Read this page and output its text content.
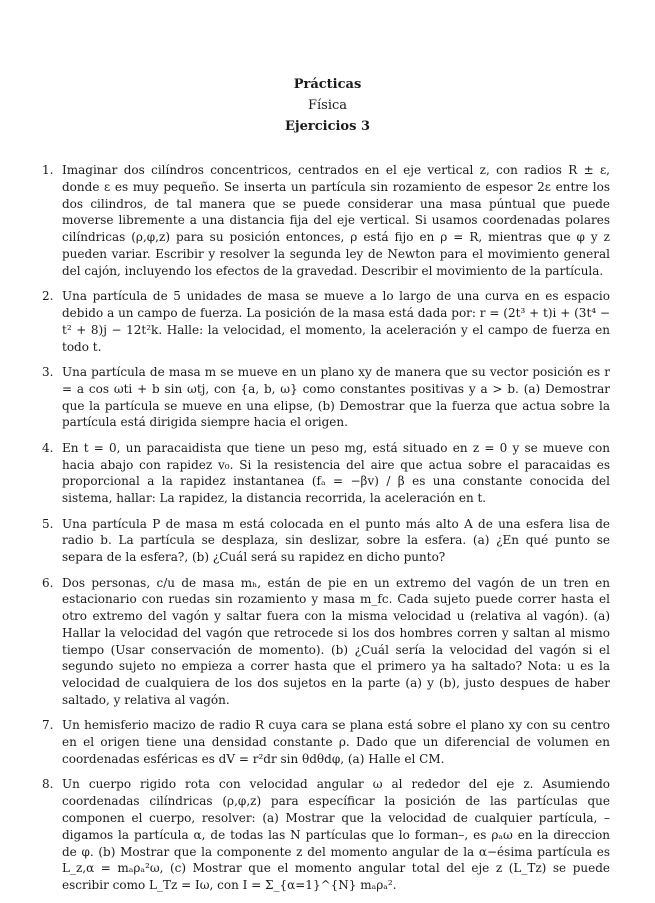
Prácticas
Física
Ejercicios 3
1. Imaginar dos cilíndros concentricos, centrados en el eje vertical z, con radios R ± ε, donde ε es muy pequeño. Se inserta un partícula sin rozamiento de espesor 2ε entre los dos cilindros, de tal manera que se puede considerar una masa púntual que puede moverse libremente a una distancia fija del eje vertical. Si usamos coordenadas polares cilíndricas (ρ,φ,z) para su posición entonces, ρ está fijo en ρ = R, mientras que φ y z pueden variar. Escribir y resolver la segunda ley de Newton para el movimiento general del cajón, incluyendo los efectos de la gravedad. Describir el movimiento de la partícula.
2. Una partícula de 5 unidades de masa se mueve a lo largo de una curva en es espacio debido a un campo de fuerza. La posición de la masa está dada por: r = (2t³ + t)i + (3t⁴ − t² + 8)j − 12t²k. Halle: la velocidad, el momento, la aceleración y el campo de fuerza en todo t.
3. Una partícula de masa m se mueve en un plano xy de manera que su vector posición es r = a cos ωti + b sin ωtj, con {a, b, ω} como constantes positivas y a > b. (a) Demostrar que la partícula se mueve en una elipse, (b) Demostrar que la fuerza que actua sobre la partícula está dirigida siempre hacia el origen.
4. En t = 0, un paracaidista que tiene un peso mg, está situado en z = 0 y se mueve con hacia abajo con rapidez v₀. Si la resistencia del aire que actua sobre el paracaidas es proporcional a la rapidez instantanea (fₐ = −βv) / β es una constante conocida del sistema, hallar: La rapidez, la distancia recorrida, la aceleración en t.
5. Una partícula P de masa m está colocada en el punto más alto A de una esfera lisa de radio b. La partícula se desplaza, sin deslizar, sobre la esfera. (a) ¿En qué punto se separa de la esfera?, (b) ¿Cuál será su rapidez en dicho punto?
6. Dos personas, c/u de masa mₕ, están de pie en un extremo del vagón de un tren en estacionario con ruedas sin rozamiento y masa m_fc. Cada sujeto puede correr hasta el otro extremo del vagón y saltar fuera con la misma velocidad u (relativa al vagón). (a) Hallar la velocidad del vagón que retrocede si los dos hombres corren y saltan al mismo tiempo (Usar conservación de momento). (b) ¿Cuál sería la velocidad del vagón si el segundo sujeto no empieza a correr hasta que el primero ya ha saltado? Nota: u es la velocidad de cualquiera de los dos sujetos en la parte (a) y (b), justo despues de haber saltado, y relativa al vagón.
7. Un hemisferio macizo de radio R cuya cara se plana está sobre el plano xy con su centro en el origen tiene una densidad constante ρ. Dado que un diferencial de volumen en coordenadas esféricas es dV = r²dr sin θdθdφ, (a) Halle el CM.
8. Un cuerpo rigido rota con velocidad angular ω al rededor del eje z. Asumiendo coordenadas cilíndricas (ρ,φ,z) para específicar la posición de las partículas que componen el cuerpo, resolver: (a) Mostrar que la velocidad de cualquier partícula, –digamos la partícula α, de todas las N partículas que lo forman–, es ρₐω en la direccion de φ. (b) Mostrar que la componente z del momento angular de la α−ésima partícula es L_z,α = mₐρₐ²ω, (c) Mostrar que el momento angular total del eje z (L_Tz) se puede escribir como L_Tz = Iω, con I = Σ_{α=1}^{N} mₐρₐ².
